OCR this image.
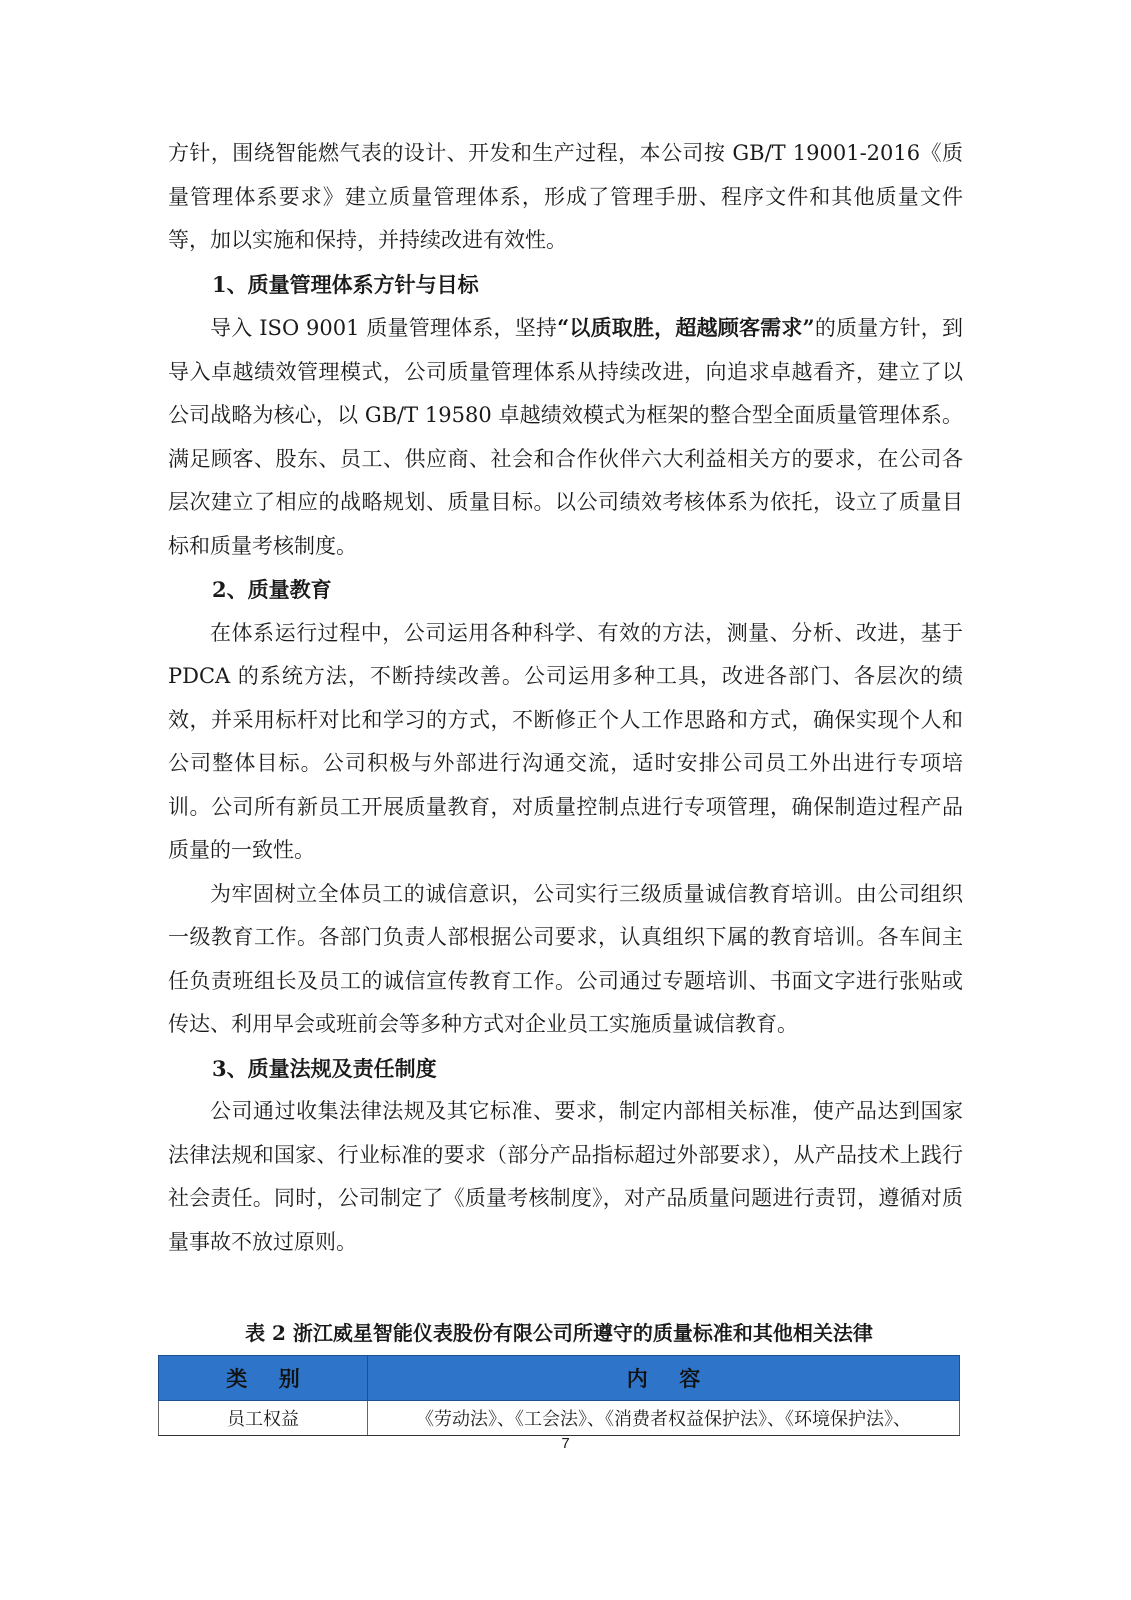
方针，围绕智能燃气表的设计、开发和生产过程，本公司按 GB/T 19001-2016《质量管理体系要求》建立质量管理体系，形成了管理手册、程序文件和其他质量文件等，加以实施和保持，并持续改进有效性。

1、质量管理体系方针与目标

导入 ISO 9001 质量管理体系，坚持“以质取胜，超越顾客需求”的质量方针，到导入卓越绩效管理模式，公司质量管理体系从持续改进，向追求卓越看齐，建立了以公司战略为核心，以 GB/T 19580 卓越绩效模式为框架的整合型全面质量管理体系。满足顾客、股东、员工、供应商、社会和合作伙伴六大利益相关方的要求，在公司各层次建立了相应的战略规划、质量目标。以公司绩效考核体系为依托，设立了质量目标和质量考核制度。

2、质量教育

在体系运行过程中，公司运用各种科学、有效的方法，测量、分析、改进，基于 PDCA 的系统方法，不断持续改善。公司运用多种工具，改进各部门、各层次的绩效，并采用标杆对比和学习的方式，不断修正个人工作思路和方式，确保实现个人和公司整体目标。公司积极与外部进行沟通交流，适时安排公司员工外出进行专项培训。公司所有新员工开展质量教育，对质量控制点进行专项管理，确保制造过程产品质量的一致性。

为牢固树立全体员工的诚信意识，公司实行三级质量诚信教育培训。由公司组织一级教育工作。各部门负责人部根据公司要求，认真组织下属的教育培训。各车间主任负责班组长及员工的诚信宣传教育工作。公司通过专题培训、书面文字进行张贴或传达、利用早会或班前会等多种方式对企业员工实施质量诚信教育。

3、质量法规及责任制度

公司通过收集法律法规及其它标准、要求，制定内部相关标准，使产品达到国家法律法规和国家、行业标准的要求（部分产品指标超过外部要求），从产品技术上践行社会责任。同时，公司制定了《质量考核制度》，对产品质量问题进行责罚，遵循对质量事故不放过原则。

表 2 浙江威星智能仪表股份有限公司所遵守的质量标准和其他相关法律
类别	内容
员工权益	《劳动法》、《工会法》、《消费者权益保护法》、《环境保护法》、
7
